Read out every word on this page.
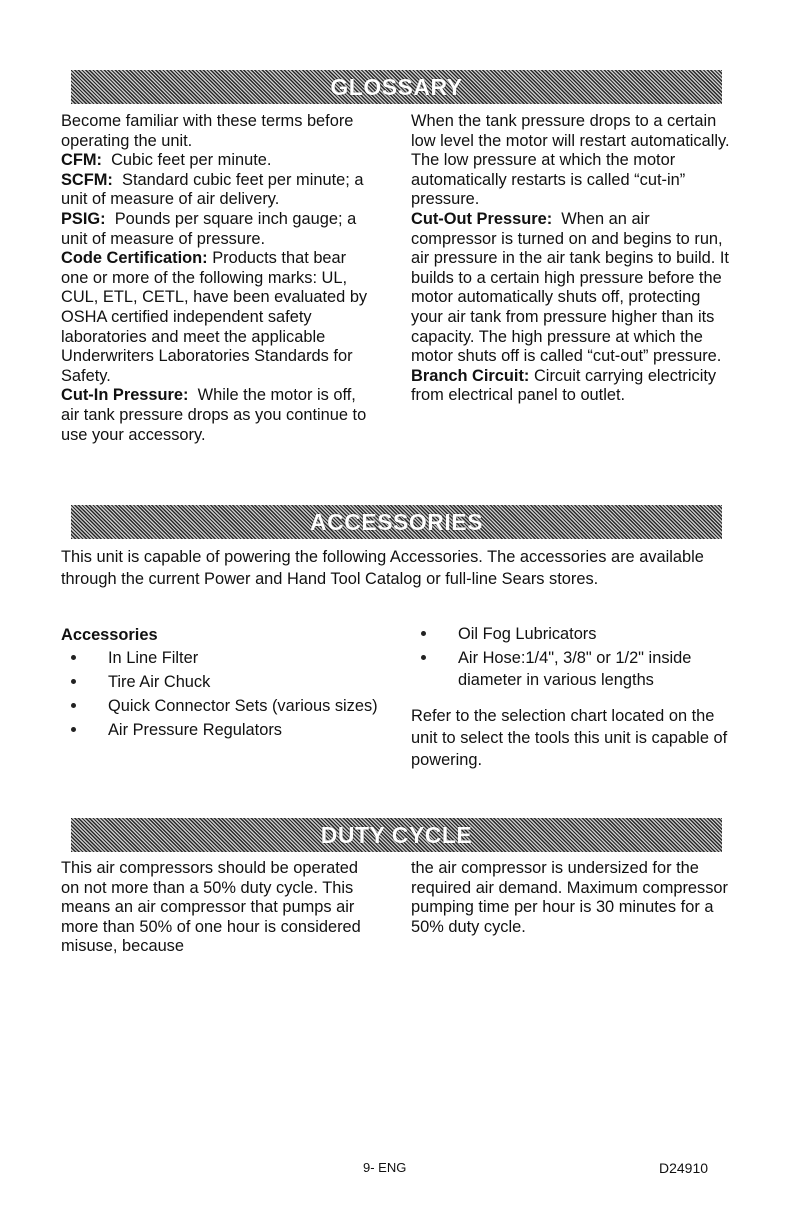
GLOSSARY

Become familiar with these terms before operating the unit.

CFM: Cubic feet per minute.

SCFM: Standard cubic feet per minute; a unit of measure of air delivery.

PSIG: Pounds per square inch gauge; a unit of measure of pressure.

Code Certification: Products that bear one or more of the following marks: UL, CUL, ETL, CETL, have been evaluated by OSHA certified independent safety laboratories and meet the applicable Underwriters Laboratories Standards for Safety.

Cut-In Pressure: While the motor is off, air tank pressure drops as you continue to use your accessory.

When the tank pressure drops to a certain low level the motor will restart automatically. The low pressure at which the motor automatically restarts is called “cut-in” pressure.

Cut-Out Pressure: When an air compressor is turned on and begins to run, air pressure in the air tank begins to build. It builds to a certain high pressure before the motor automatically shuts off, protecting your air tank from pressure higher than its capacity. The high pressure at which the motor shuts off is called “cut-out” pressure.

Branch Circuit: Circuit carrying electricity from electrical panel to outlet.

ACCESSORIES

This unit is capable of powering the following Accessories. The accessories are available through the current Power and Hand Tool Catalog or full-line Sears stores.

Accessories

In Line Filter
Tire Air Chuck
Quick Connector Sets (various sizes)
Air Pressure Regulators
Oil Fog Lubricators
Air Hose:1/4", 3/8" or 1/2" inside diameter in various lengths

Refer to the selection chart located on the unit to select the tools this unit is capable of powering.

DUTY CYCLE

This air compressors should be operated on not more than a 50% duty cycle. This means an air compressor that pumps air more than 50% of one hour is considered misuse, because

the air compressor is undersized for the required air demand. Maximum compressor pumping time per hour is 30 minutes for a 50% duty cycle.

9- ENG	D24910
